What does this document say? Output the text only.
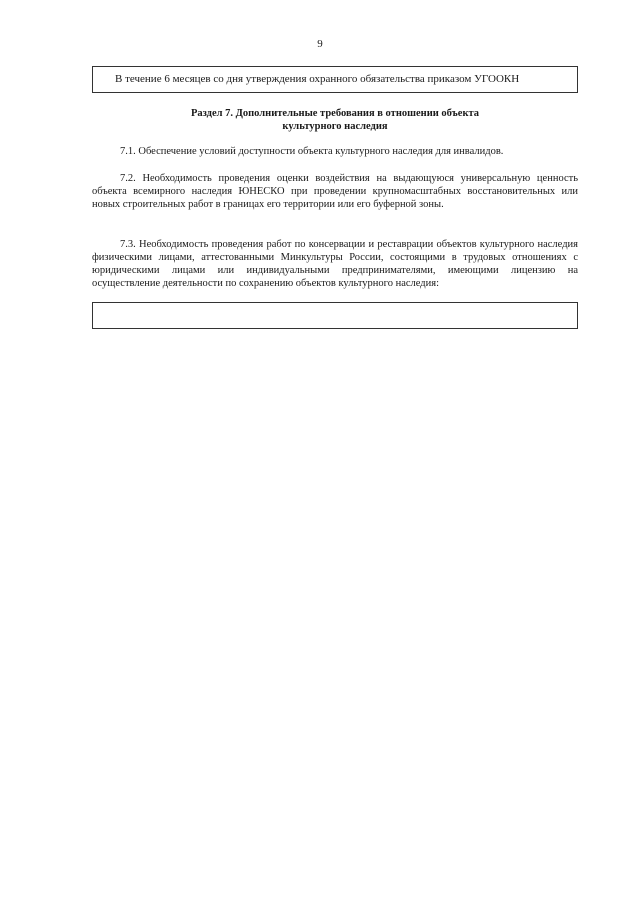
9
В течение 6 месяцев со дня утверждения охранного обязательства приказом УГООКН
Раздел 7. Дополнительные требования в отношении объекта
культурного наследия
7.1. Обеспечение условий доступности объекта культурного наследия для инвалидов.
7.2. Необходимость проведения оценки воздействия на выдающуюся универсальную ценность объекта всемирного наследия ЮНЕСКО при проведении крупномасштабных восстановительных или новых строительных работ в границах его территории или его буферной зоны.
7.3. Необходимость проведения работ по консервации и реставрации объектов культурного наследия физическими лицами, аттестованными Минкультуры России, состоящими в трудовых отношениях с юридическими лицами или индивидуальными предпринимателями, имеющими лицензию на осуществление деятельности по сохранению объектов культурного наследия:
